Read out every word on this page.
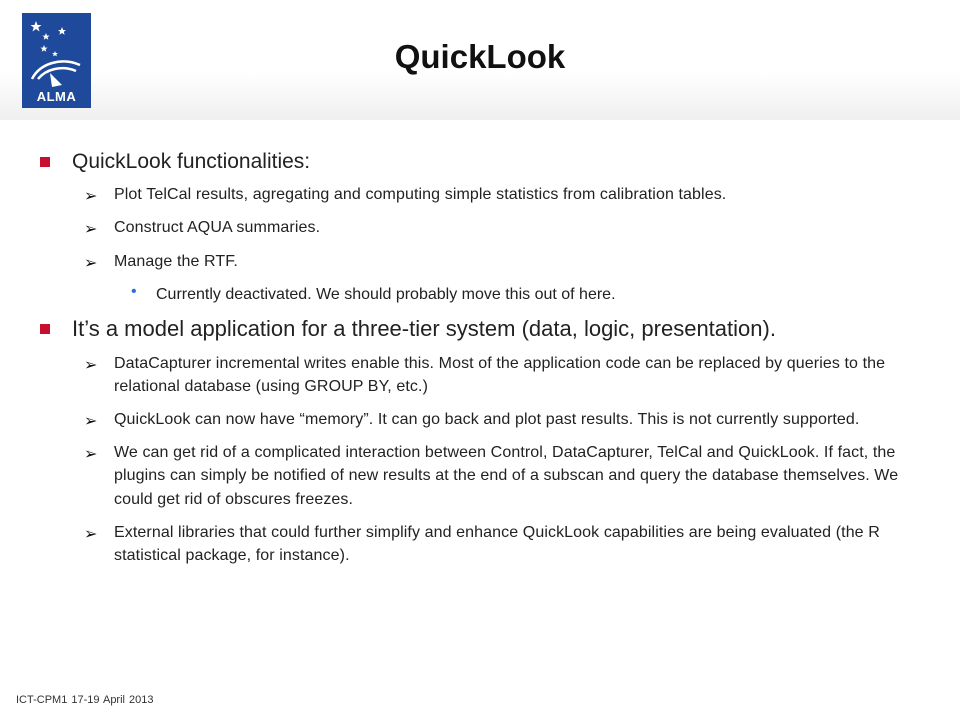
ALMA
QuickLook
QuickLook functionalities:
➢ Plot TelCal results, agregating and computing simple statistics from calibration tables.
➢ Construct AQUA summaries.
➢ Manage the RTF.
• Currently deactivated. We should probably move this out of here.
It’s a model application for a three-tier system (data, logic, presentation).
➢ DataCapturer incremental writes enable this. Most of the application code can be replaced by queries to the relational database (using GROUP BY, etc.)
➢ QuickLook can now have “memory”. It can go back and plot past results. This is not currently supported.
➢ We can get rid of a complicated interaction between Control, DataCapturer, TelCal and QuickLook. If fact, the plugins can simply be notified of new results at the end of a subscan and query the database themselves. We could get rid of obscures freezes.
➢ External libraries that could further simplify and enhance QuickLook capabilities are being evaluated (the R statistical package, for instance).
ICT-CPM1 17-19 April 2013
